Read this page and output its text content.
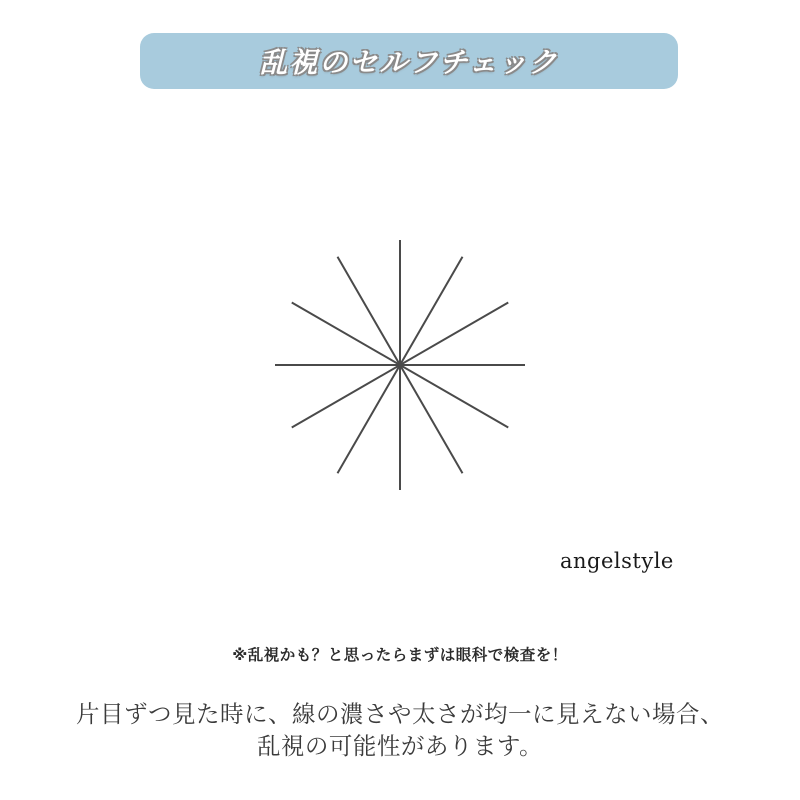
乱視のセルフチェック
angelstyle
※乱視かも？と思ったらまずは眼科で検査を！
片目ずつ見た時に、線の濃さや太さが均一に見えない場合、
乱視の可能性があります。
